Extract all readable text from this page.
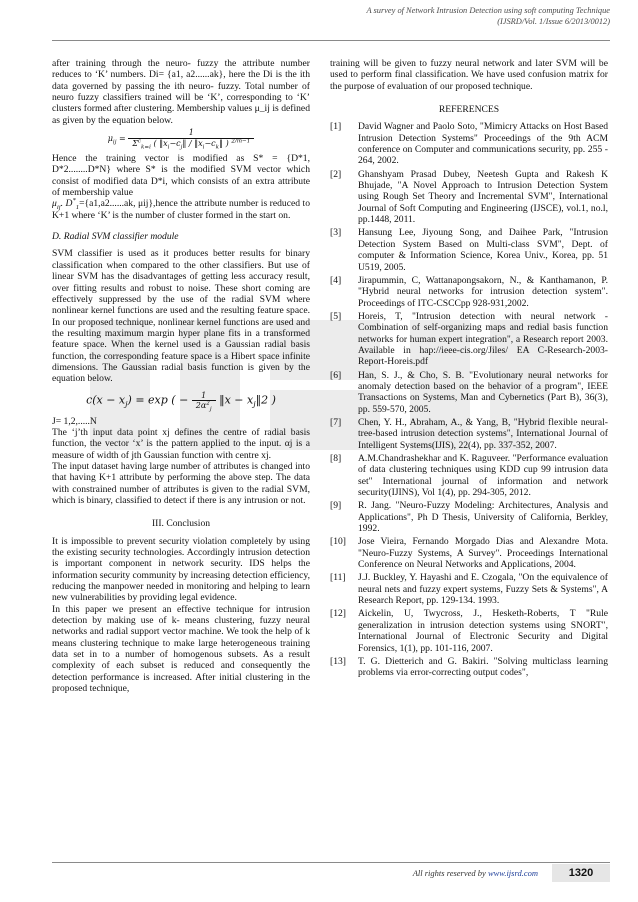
A survey of Network Intrusion Detection using soft computing Technique
(IJSRD/Vol. 1/Issue 6/2013/0012)

after training through the neuro- fuzzy the attribute number reduces to ‘K’ numbers. Di= {a1, a2......ak}, here the Di is the ith data governed by passing the ith neuro- fuzzy. Total number of neuro fuzzy classifiers trained will be ‘K’, corresponding to ‘K’ clusters formed after clustering. Membership values μ_ij is defined as given by the equation below.

$\mu_{ij} = \frac{1}{\Sigma^c_{k=i} ( ‖x_i-c_j‖ / ‖x_i-c_k‖ ) ^{2/m-1}}$

Hence the training vector is modified as S* = {D*1, D*2........D*N} where S* is the modified SVM vector which consist of modified data D*i, which consists of an extra attribute of membership value

$\mu_{ij}$. $D^*_1=\{a1,a2......ak$, μij},hence the attribute number is reduced to K+1 where ‘K’ is the number of cluster formed in the start on.

D. Radial SVM classifier module

SVM classifier is used as it produces better results for binary classification when compared to the other classifiers. But use of linear SVM has the disadvantages of getting less accuracy result, over fitting results and robust to noise. These short coming are effectively suppressed by the use of the radial SVM where nonlinear kernel functions are used and the resulting feature space. In our proposed technique, nonlinear kernel functions are used and the resulting maximum margin hyper plane fits in a transformed feature space. When the kernel used is a Gaussian radial basis function, the corresponding feature space is a Hibert space infinite dimensions. The Gaussian radial basis function is given by the equation below.

$c(x - x_j) = \exp$ ( − $\frac{1}{2\alpha^2_j}$ ‖x − $x_j‖2$ )

J= 1,2,.....N

The ‘j’th input data point xj defines the centre of radial basis function, the vector ‘x’ is the pattern applied to the input. αj is a measure of width of jth Gaussian function with centre xj.

The input dataset having large number of attributes is changed into that having K+1 attribute by performing the above step. The data with constrained number of attributes is given to the radial SVM, which is binary, classified to detect if there is any intrusion or not.

III. Conclusion

It is impossible to prevent security violation completely by using the existing security technologies. Accordingly intrusion detection is important component in network security. IDS helps the information security community by increasing detection efficiency, reducing the manpower needed in monitoring and helping to learn new vulnerabilities by providing legal evidence.

In this paper we present an effective technique for intrusion detection by making use of k- means clustering, fuzzy neural networks and radial support vector machine. We took the help of k means clustering technique to make large heterogeneous training data set in to a number of homogenous subsets. As a result complexity of each subset is reduced and consequently the detection performance is increased. After initial clustering in the proposed technique,

training will be given to fuzzy neural network and later SVM will be used to perform final classification. We have used confusion matrix for the purpose of evaluation of our proposed technique.

REFERENCES

[1]	David Wagner and Paolo Soto, "Mimicry Attacks on Host Based Intrusion Detection Systems" Proceedings of the 9th ACM conference on Computer and communications security, pp. 255 - 264, 2002.
[2]	Ghanshyam Prasad Dubey, Neetesh Gupta and Rakesh K Bhujade, "A Novel Approach to Intrusion Detection System using Rough Set Theory and Incremental SVM", International Journal of Soft Computing and Engineering (IJSCE), vol.1, no.l, pp.1448, 2011.
[3]	Hansung Lee, Jiyoung Song, and Daihee Park, "Intrusion Detection System Based on Multi-class SVM", Dept. of computer & Information Science, Korea Univ., Korea, pp. 51 U519, 2005.
[4]	Jirapummin, C, Wattanapongsakorn, N., & Kanthamanon, P. "Hybrid neural networks for intrusion detection system". Proceedings of ITC-CSCCpp 928-931,2002.
[5]	Horeis, T, "Intrusion detection with neural network - Combination of self-organizing maps and redial basis function networks for human expert integration", a Research report 2003. Available in hap://ieee-cis.org/Jiles/ EA C-Research-2003-Report-Horeis.pdf
[6]	Han, S. J., & Cho, S. B. "Evolutionary neural networks for anomaly detection based on the behavior of a program", IEEE Transactions on Systems, Man and Cybernetics (Part B), 36(3), pp. 559-570, 2005.
[7]	Chen, Y. H., Abraham, A., & Yang, B, "Hybrid flexible neural-tree-based intrusion detection systems", International Journal of Intelligent Systems(IJIS), 22(4), pp. 337-352, 2007.
[8]	A.M.Chandrashekhar and K. Raguveer. "Performance evaluation of data clustering techniques using KDD cup 99 intrusion data set" International journal of information and network security(IJINS), Vol 1(4), pp. 294-305, 2012.
[9]	R. Jang. "Neuro-Fuzzy Modeling: Architectures, Analysis and Applications", Ph D Thesis, University of California, Berkley, 1992.
[10]	Jose Vieira, Fernando Morgado Dias and Alexandre Mota. "Neuro-Fuzzy Systems, A Survey". Proceedings International Conference on Neural Networks and Applications, 2004.
[11]	J.J. Buckley, Y. Hayashi and E. Czogala, "On the equivalence of neural nets and fuzzy expert systems, Fuzzy Sets & Systems", A Research Report, pp. 129-134. 1993.
[12]	Aickelin, U, Twycross, J., Hesketh-Roberts, T "Rule generalization in intrusion detection systems using SNORT", International Journal of Electronic Security and Digital Forensics, 1(1), pp. 101-116, 2007.
[13]	T. G. Dietterich and G. Bakiri. "Solving multiclass learning problems via error-correcting output codes",
All rights reserved by www.ijsrd.com	1320
